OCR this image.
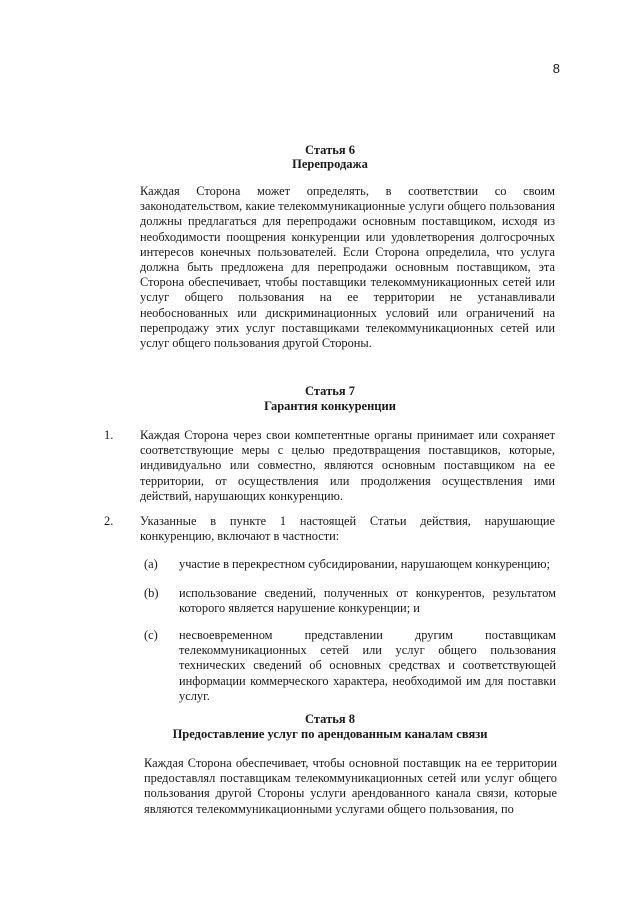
8
Статья 6
Перепродажа
Каждая Сторона может определять, в соответствии со своим законодательством, какие телекоммуникационные услуги общего пользования должны предлагаться для перепродажи основным поставщиком, исходя из необходимости поощрения конкуренции или удовлетворения долгосрочных интересов конечных пользователей. Если Сторона определила, что услуга должна быть предложена для перепродажи основным поставщиком, эта Сторона обеспечивает, чтобы поставщики телекоммуникационных сетей или услуг общего пользования на ее территории не устанавливали необоснованных или дискриминационных условий или ограничений на перепродажу этих услуг поставщиками телекоммуникационных сетей или услуг общего пользования другой Стороны.
Статья 7
Гарантия конкуренции
1. Каждая Сторона через свои компетентные органы принимает или сохраняет соответствующие меры с целью предотвращения поставщиков, которые, индивидуально или совместно, являются основным поставщиком на ее территории, от осуществления или продолжения осуществления ими действий, нарушающих конкуренцию.
2. Указанные в пункте 1 настоящей Статьи действия, нарушающие конкуренцию, включают в частности:
(a) участие в перекрестном субсидировании, нарушающем конкуренцию;
(b) использование сведений, полученных от конкурентов, результатом которого является нарушение конкуренции; и
(c) несвоевременном представлении другим поставщикам телекоммуникационных сетей или услуг общего пользования технических сведений об основных средствах и соответствующей информации коммерческого характера, необходимой им для поставки услуг.
Статья 8
Предоставление услуг по арендованным каналам связи
Каждая Сторона обеспечивает, чтобы основной поставщик на ее территории предоставлял поставщикам телекоммуникационных сетей или услуг общего пользования другой Стороны услуги арендованного канала связи, которые являются телекоммуникационными услугами общего пользования, по
